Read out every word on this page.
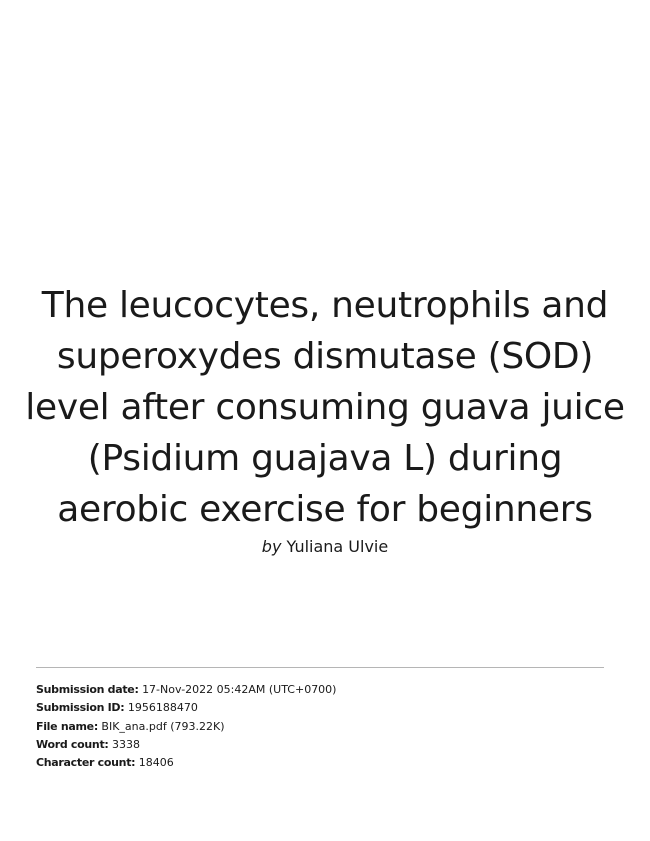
The leucocytes, neutrophils and superoxydes dismutase (SOD) level after consuming guava juice (Psidium guajava L) during aerobic exercise for beginners
by Yuliana Ulvie
Submission date: 17-Nov-2022 05:42AM (UTC+0700)
Submission ID: 1956188470
File name: BIK_ana.pdf (793.22K)
Word count: 3338
Character count: 18406
